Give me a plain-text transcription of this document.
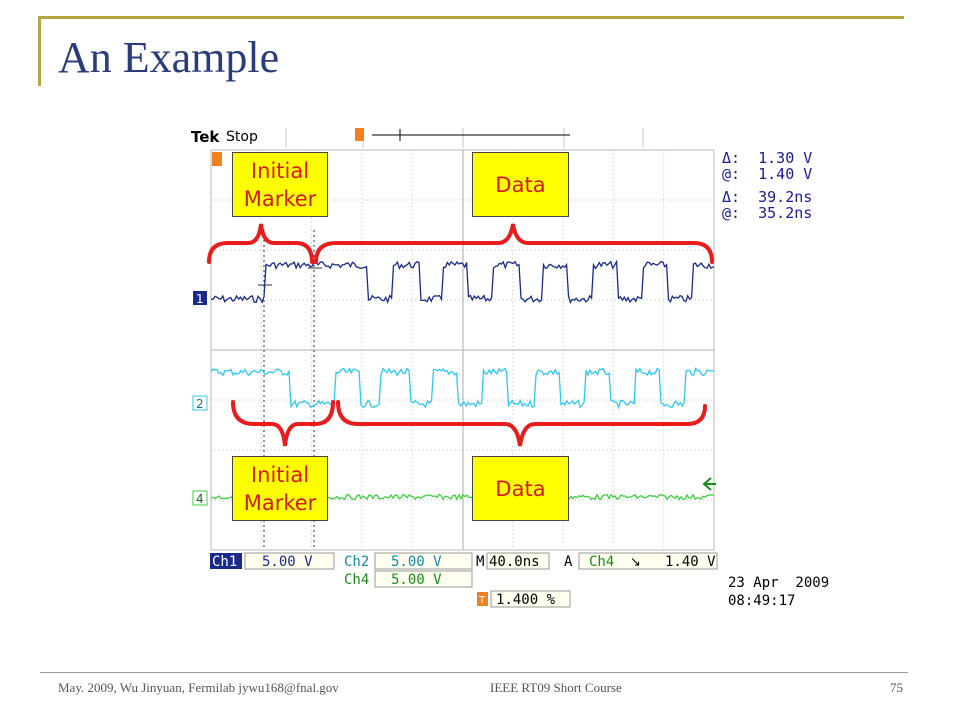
An Example
Tek Stop
1
2
4
Ch1 5.00 V Ch2 5.00 V
Ch4 5.00 V
M 40.0ns A Ch4 ↘ 1.40 V
T 1.400 %
23 Apr  2009
08:49:17
Δ: 1.30 V
@: 1.40 V
Δ: 39.2ns
@: 35.2ns
Initial
Marker
Data
Initial
Marker
Data
May. 2009, Wu Jinyuan, Fermilab jywu168@fnal.gov	IEEE RT09 Short Course	75
